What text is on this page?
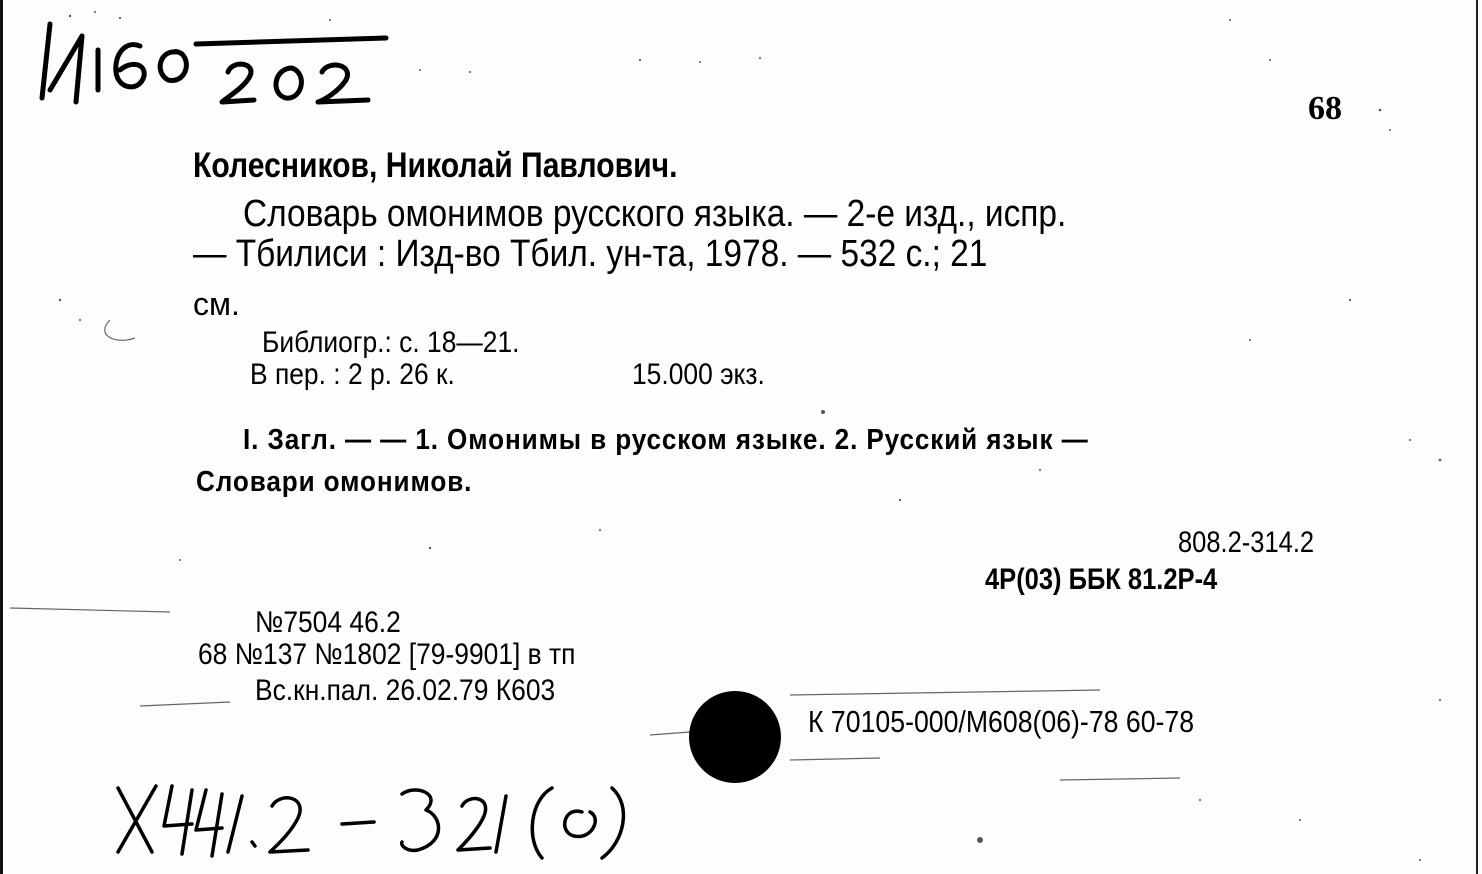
68
Колесников, Николай Павлович.
Словарь омонимов русского языка. — 2-е изд., испр.
— Тбилиси : Изд-во Тбил. ун-та, 1978. — 532 с.; 21
см.
Библиогр.: с. 18—21.
В пер. : 2 р. 26 к.	15.000 экз.
I. Загл. — — 1. Омонимы в русском языке. 2. Русский язык —
Словари омонимов.
808.2-314.2
4Р(03) ББК 81.2Р-4
№7504 46.2
68 №137 №1802 [79-9901] в тп
Вс.кн.пал. 26.02.79 К603
К 70105-000/М608(06)-78 60-78
